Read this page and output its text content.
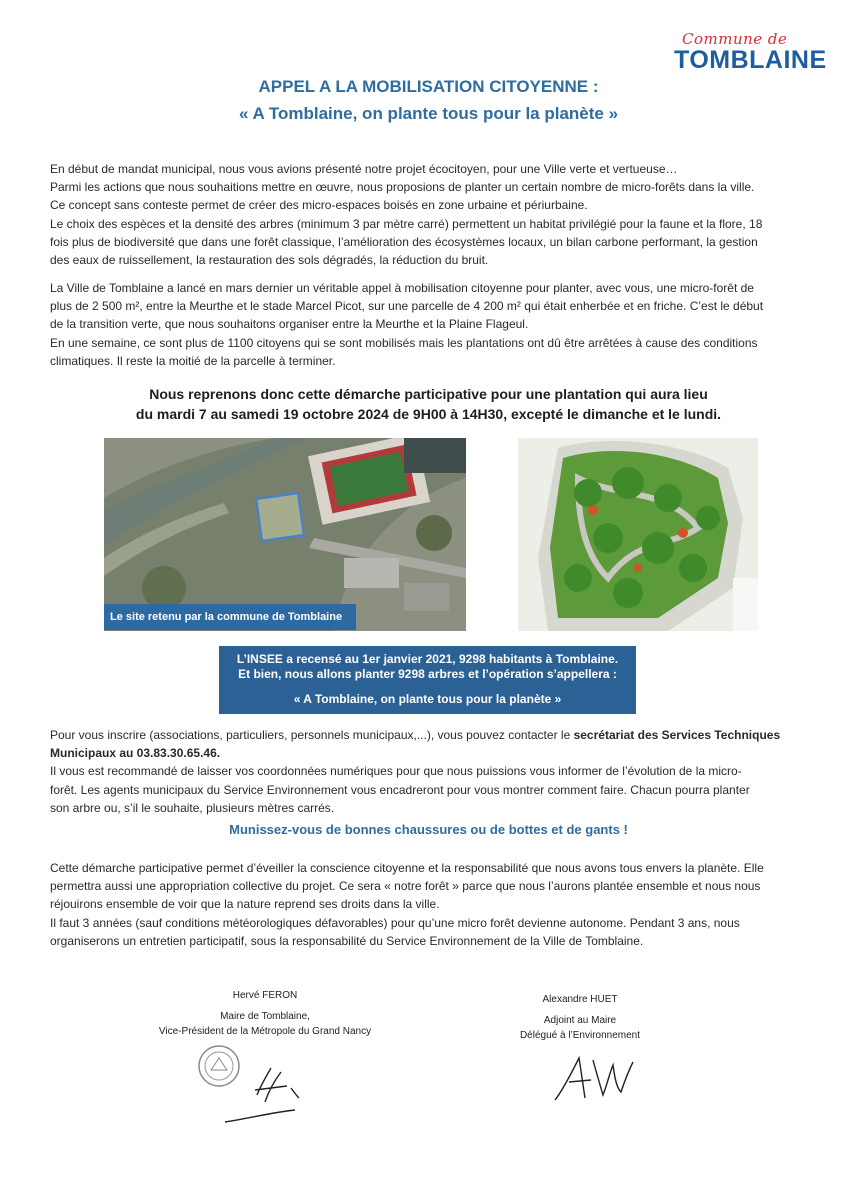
Commune de
TOMBLAINE
APPEL A LA MOBILISATION CITOYENNE :
« A Tomblaine, on plante tous pour la planète »
En début de mandat municipal, nous vous avions présenté notre projet écocitoyen, pour une Ville verte et vertueuse…
Parmi les actions que nous souhaitions mettre en œuvre, nous proposions de planter un certain nombre de micro-forêts dans la ville.
Ce concept sans conteste permet de créer des micro-espaces boisés en zone urbaine et périurbaine.
Le choix des espèces et la densité des arbres (minimum 3 par mètre carré) permettent un habitat privilégié pour la faune et la flore, 18
fois plus de biodiversité que dans une forêt classique, l’amélioration des écosystèmes locaux, un bilan carbone performant, la gestion
des eaux de ruissellement, la restauration des sols dégradés, la réduction du bruit.
La Ville de Tomblaine a lancé en mars dernier un véritable appel à mobilisation citoyenne pour planter, avec vous, une micro-forêt de
plus de 2 500 m², entre la Meurthe et le stade Marcel Picot, sur une parcelle de 4 200 m² qui était enherbée et en friche. C’est le début
de la transition verte, que nous souhaitons organiser entre la Meurthe et la Plaine Flageul.
En une semaine, ce sont plus de 1100 citoyens qui se sont mobilisés mais les plantations ont dû être arrêtées à cause des conditions
climatiques. Il reste la moitié de la parcelle à terminer.
Nous reprenons donc cette démarche participative pour une plantation qui aura lieu
du mardi 7 au samedi 19 octobre 2024 de 9H00 à 14H30, excepté le dimanche et le lundi.
Le site retenu par la commune de Tomblaine
L’INSEE a recensé au 1er janvier 2021, 9298 habitants à Tomblaine.
Et bien, nous allons planter 9298 arbres et l’opération s’appellera :
« A Tomblaine, on plante tous pour la planète »
Pour vous inscrire (associations, particuliers, personnels municipaux,...), vous pouvez contacter le secrétariat des Services Techniques
Municipaux au 03.83.30.65.46.
Il vous est recommandé de laisser vos coordonnées numériques pour que nous puissions vous informer de l’évolution de la micro-
forêt. Les agents municipaux du Service Environnement vous encadreront pour vous montrer comment faire. Chacun pourra planter
son arbre ou, s’il le souhaite, plusieurs mètres carrés.
Munissez-vous de bonnes chaussures ou de bottes et de gants !
Cette démarche participative permet d’éveiller la conscience citoyenne et la responsabilité que nous avons tous envers la planète. Elle
permettra aussi une appropriation collective du projet. Ce sera « notre forêt » parce que nous l’aurons plantée ensemble et nous nous
réjouirons ensemble de voir que la nature reprend ses droits dans la ville.
Il faut 3 années (sauf conditions météorologiques défavorables) pour qu’une micro forêt devienne autonome. Pendant 3 ans, nous
organiserons un entretien participatif, sous la responsabilité du Service Environnement de la Ville de Tomblaine.
Hervé FERON
Maire de Tomblaine,
Vice-Président de la Métropole du Grand Nancy
Alexandre HUET
Adjoint au Maire
Délégué à l’Environnement
